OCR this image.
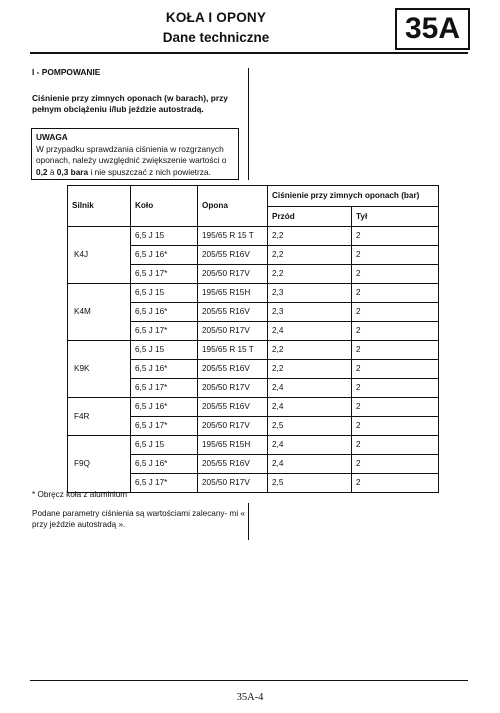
KOŁA I OPONY
Dane techniczne	35A
I - POMPOWANIE
Ciśnienie przy zimnych oponach (w barach), przy pełnym obciążeniu i/lub jeździe autostradą.
UWAGA
W przypadku sprawdzania ciśnienia w rozgrzanych oponach, należy uwzględnić zwiększenie wartości o 0,2 à 0,3 bara i nie spuszczać z nich powietrza.
Silnik	Koło	Opona	Ciśnienie przy zimnych oponach (bar)	
			Przód	Tył
K4J	6,5 J 15	195/65 R 15 T	2,2	2
	6,5 J 16*	205/55 R16V	2,2	2
	6,5 J 17*	205/50 R17V	2,2	2
K4M	6,5 J 15	195/65 R15H	2,3	2
	6,5 J 16*	205/55 R16V	2,3	2
	6,5 J 17*	205/50 R17V	2,4	2
K9K	6,5 J 15	195/65 R 15 T	2,2	2
	6,5 J 16*	205/55 R16V	2,2	2
	6,5 J 17*	205/50 R17V	2,4	2
F4R	6,5 J 16*	205/55 R16V	2,4	2
	6,5 J 17*	205/50 R17V	2,5	2
F9Q	6,5 J 15	195/65 R15H	2,4	2
	6,5 J 16*	205/55 R16V	2,4	2
	6,5 J 17*	205/50 R17V	2,5	2
* Obręcz koła z aluminium
Podane parametry ciśnienia są wartościami zalecany- mi « przy jeździe autostradą ».
35A-4
